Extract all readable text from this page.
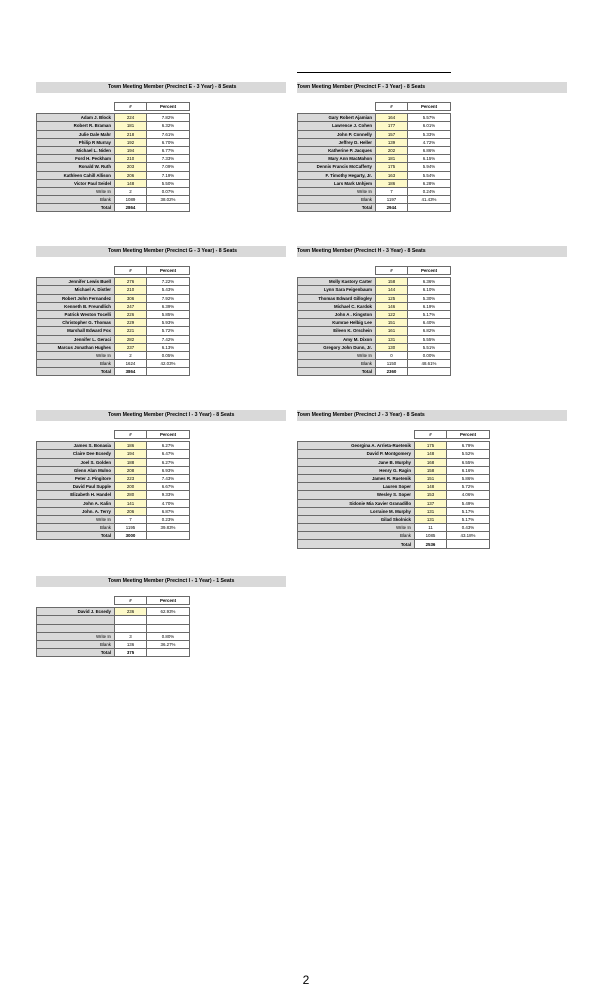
Town Meeting Member (Precinct E - 3 Year) - 8 Seats
	#	Percent

Adam J. Block	224	7.82%
Robert R. Braman	181	6.32%
Julie Dale Mahr	218	7.61%
Philip R Murray	192	6.70%
Michael L. Niden	194	6.77%
Ford H. Peckham	210	7.33%
Ronald W. Ruth	203	7.09%
Kathleen Cahill Allison	206	7.19%
Victor Paul Seidel	148	5.50%
Write In	2	0.07%
Blank	1089	38.02%
Total	2864	
Town Meeting Member (Precinct F - 3 Year) - 8 Seats
	#	Percent

Gary Robert Ajamian	164	5.57%
Lawrence J. Cohen	177	6.01%
John P. Connelly	157	5.33%
Jeffrey D. Heller	139	4.72%
Katherine P. Jacques	202	6.86%
Mary Ann MacMahon	181	6.15%
Dennis Francis McCafferty	175	5.94%
F. Timothy Hegarty, Jr.	163	5.54%
Lars Mark Unhjem	186	6.28%
Write In	7	0.24%
Blank	1197	41.43%
Total	2944	
Town Meeting Member (Precinct G - 3 Year) - 8 Seats
	#	Percent

Jennifer Lewis Buell	276	7.22%
Michael A. Distler	210	5.43%
Robert John Fernandez	306	7.92%
Kenneth B. Freundlich	247	6.39%
Patrick Weston Tocelli	226	5.85%
Christopher G. Thomas	229	5.93%
Marshall Edward Fox	221	5.72%
Jennifer L. Geraci	282	7.42%
Marcus Jonathan Hughes	237	6.13%
Write In	2	0.05%
Blank	1624	42.03%
Total	3864	
Town Meeting Member (Precinct H - 3 Year) - 8 Seats
	#	Percent

Molly Kastory Carter	158	6.36%
Lynn Sara Feigenbaum	144	6.10%
Thomas Edward Gillogley	125	5.30%
Michael C. Kardok	146	6.19%
John A . Kingston	122	5.17%
Kumrae Helbig Lee	151	6.40%
Eileen K. Orschein	161	6.82%
Amy M. Dixon	131	5.55%
Gregory John Dunn, Jr.	130	5.51%
Write In	0	0.00%
Blank	1150	48.61%
Total	2360	
Town Meeting Member (Precinct I - 3 Year) - 8 Seats
	#	Percent

James S. Bonasia	186	6.27%
Claire Dee Ecsedy	194	6.47%
Joel S. Golden	188	6.27%
Glenn Alan Mulno	208	6.93%
Peter J. Pingitore	223	7.43%
David Paul Supple	200	6.67%
Elizabeth H. Handel	280	9.33%
John A. Kalin	141	4.70%
John. A. Terry	206	6.87%
Write In	7	0.23%
Blank	1195	39.83%
Total	3000	
Town Meeting Member (Precinct J - 3 Year) - 8 Seats
	#	Percent

Georgina A. Arrieta-Ruetenik	175	6.79%
David P. Montgomery	148	5.52%
Jane B. Murphy	168	6.55%
Henry G. Ragin	158	6.16%
James R. Ruetenik	151	5.86%
Lauren Soper	148	5.72%
Wesley S. Soper	153	4.06%
Sidonie Mia Xavier Granadillo	137	5.49%
Lorraine M. Murphy	131	5.17%
Gilad Skolnick	131	5.17%
Write In	11	0.43%
Blank	1085	43.18%
Total	2536	
Town Meeting Member (Precinct I - 1 Year) - 1 Seats
	#	Percent

David J. Ecsedy	236	62.93%

Write In	3	0.80%
Blank	136	36.27%
Total	375	
2
